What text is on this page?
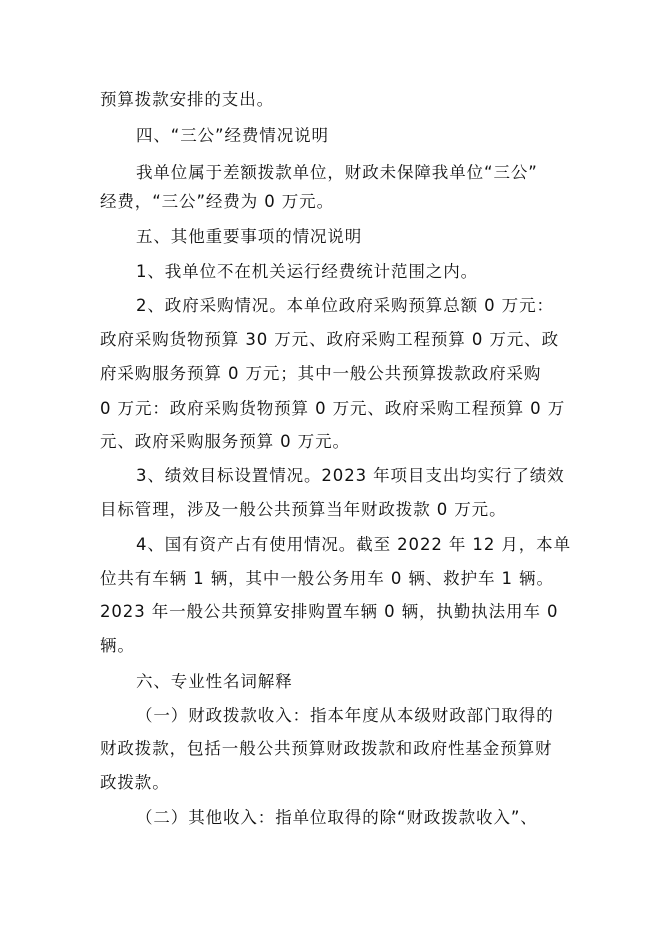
预算拨款安排的支出。
四、“三公”经费情况说明
我单位属于差额拨款单位，财政未保障我单位“三公”
经费，“三公”经费为 0 万元。
五、其他重要事项的情况说明
1、我单位不在机关运行经费统计范围之内。
2、政府采购情况。本单位政府采购预算总额 0 万元：
政府采购货物预算 30 万元、政府采购工程预算 0 万元、政
府采购服务预算 0 万元；其中一般公共预算拨款政府采购
0 万元：政府采购货物预算 0 万元、政府采购工程预算 0 万
元、政府采购服务预算 0 万元。
3、绩效目标设置情况。2023 年项目支出均实行了绩效
目标管理，涉及一般公共预算当年财政拨款 0 万元。
4、国有资产占有使用情况。截至 2022 年 12 月，本单
位共有车辆 1 辆，其中一般公务用车 0 辆、救护车 1 辆。
2023 年一般公共预算安排购置车辆 0 辆，执勤执法用车 0
辆。
六、专业性名词解释
（一）财政拨款收入：指本年度从本级财政部门取得的
财政拨款，包括一般公共预算财政拨款和政府性基金预算财
政拨款。
（二）其他收入：指单位取得的除“财政拨款收入”、
